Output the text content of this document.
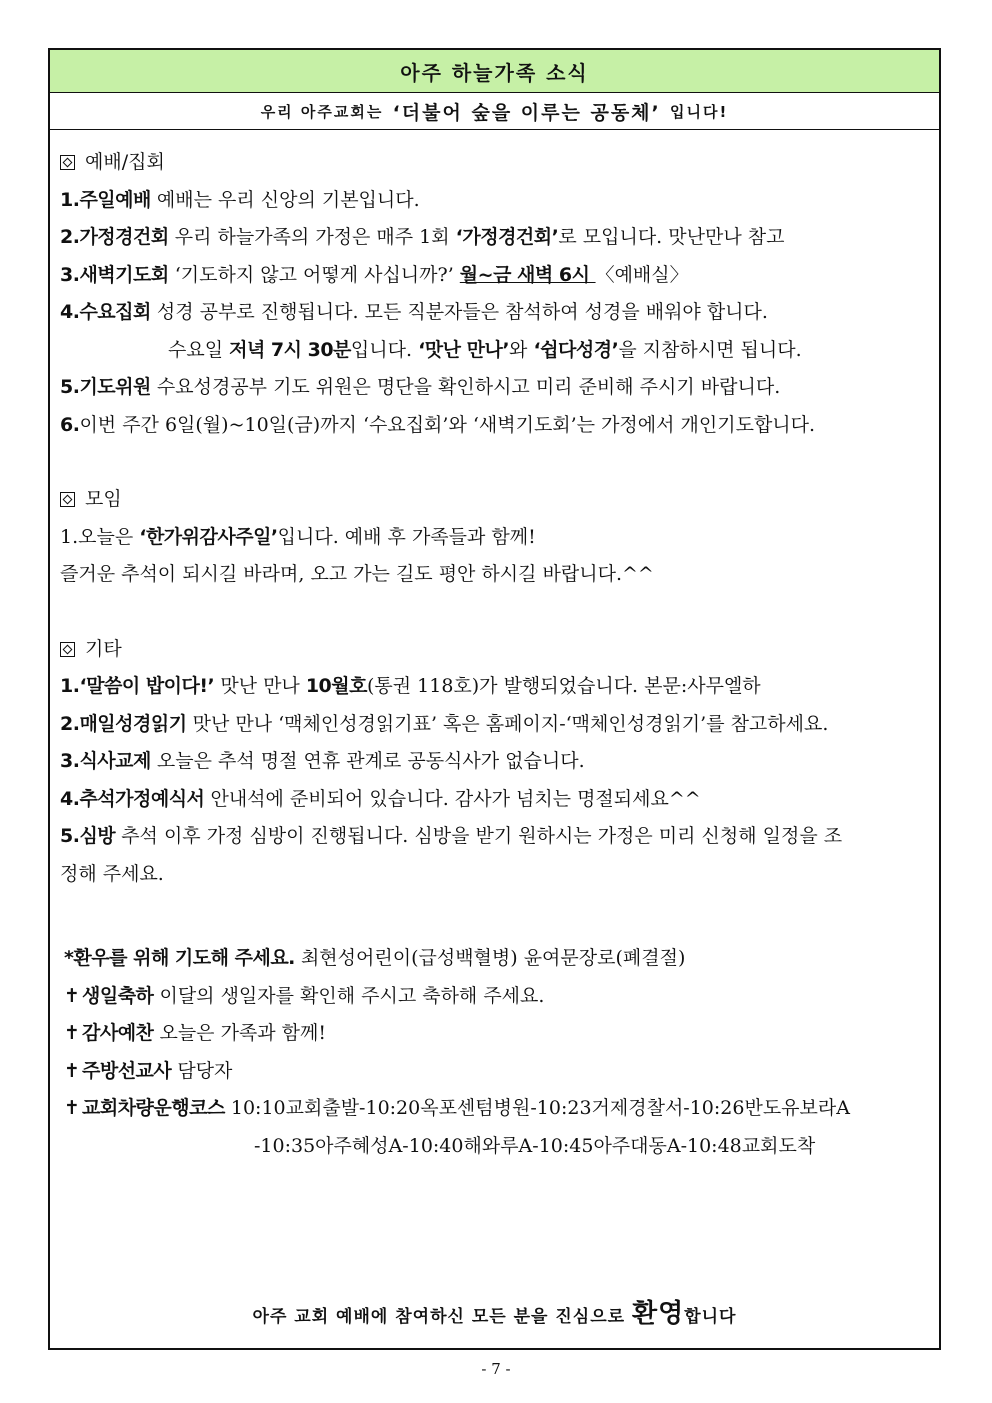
아주 하늘가족 소식
우리 아주교회는
‘더불어 숲을 이루는 공동체’
입니다!
예배/집회
1.주일예배 예배는 우리 신앙의 기본입니다.
2.가정경건회 우리 하늘가족의 가정은 매주 1회 ‘가정경건회’로 모입니다. 맛난만나 참고
3.새벽기도회 ‘기도하지 않고 어떻게 사십니까?’ 월~금 새벽 6시 〈예배실〉
4.수요집회 성경 공부로 진행됩니다. 모든 직분자들은 참석하여 성경을 배워야 합니다.
수요일 저녁 7시 30분입니다. ‘맛난 만나’와 ‘쉽다성경’을 지참하시면 됩니다.
5.기도위원 수요성경공부 기도 위원은 명단을 확인하시고 미리 준비해 주시기 바랍니다.
6.이번 주간 6일(월)~10일(금)까지 ‘수요집회’와 ‘새벽기도회’는 가정에서 개인기도합니다.
모임
1.오늘은 ‘한가위감사주일’입니다. 예배 후 가족들과 함께!
즐거운 추석이 되시길 바라며, 오고 가는 길도 평안 하시길 바랍니다.^^
기타
1.‘말씀이 밥이다!’ 맛난 만나 10월호(통권 118호)가 발행되었습니다. 본문:사무엘하
2.매일성경읽기 맛난 만나 ‘맥체인성경읽기표’ 혹은 홈페이지-‘맥체인성경읽기’를 참고하세요.
3.식사교제 오늘은 추석 명절 연휴 관계로 공동식사가 없습니다.
4.추석가정예식서 안내석에 준비되어 있습니다. 감사가 넘치는 명절되세요^^
5.심방 추석 이후 가정 심방이 진행됩니다. 심방을 받기 원하시는 가정은 미리 신청해 일정을 조
정해 주세요.
*환우를 위해 기도해 주세요. 최현성어린이(급성백혈병) 윤여문장로(폐결절)
✝ 생일축하 이달의 생일자를 확인해 주시고 축하해 주세요.
✝ 감사예찬 오늘은 가족과 함께!
✝ 주방선교사 담당자
✝ 교회차량운행코스 10:10교회출발-10:20옥포센텀병원-10:23거제경찰서-10:26반도유보라A
-10:35아주혜성A-10:40해와루A-10:45아주대동A-10:48교회도착
아주 교회 예배에 참여하신 모든 분을 진심으로 환영합니다
- 7 -
